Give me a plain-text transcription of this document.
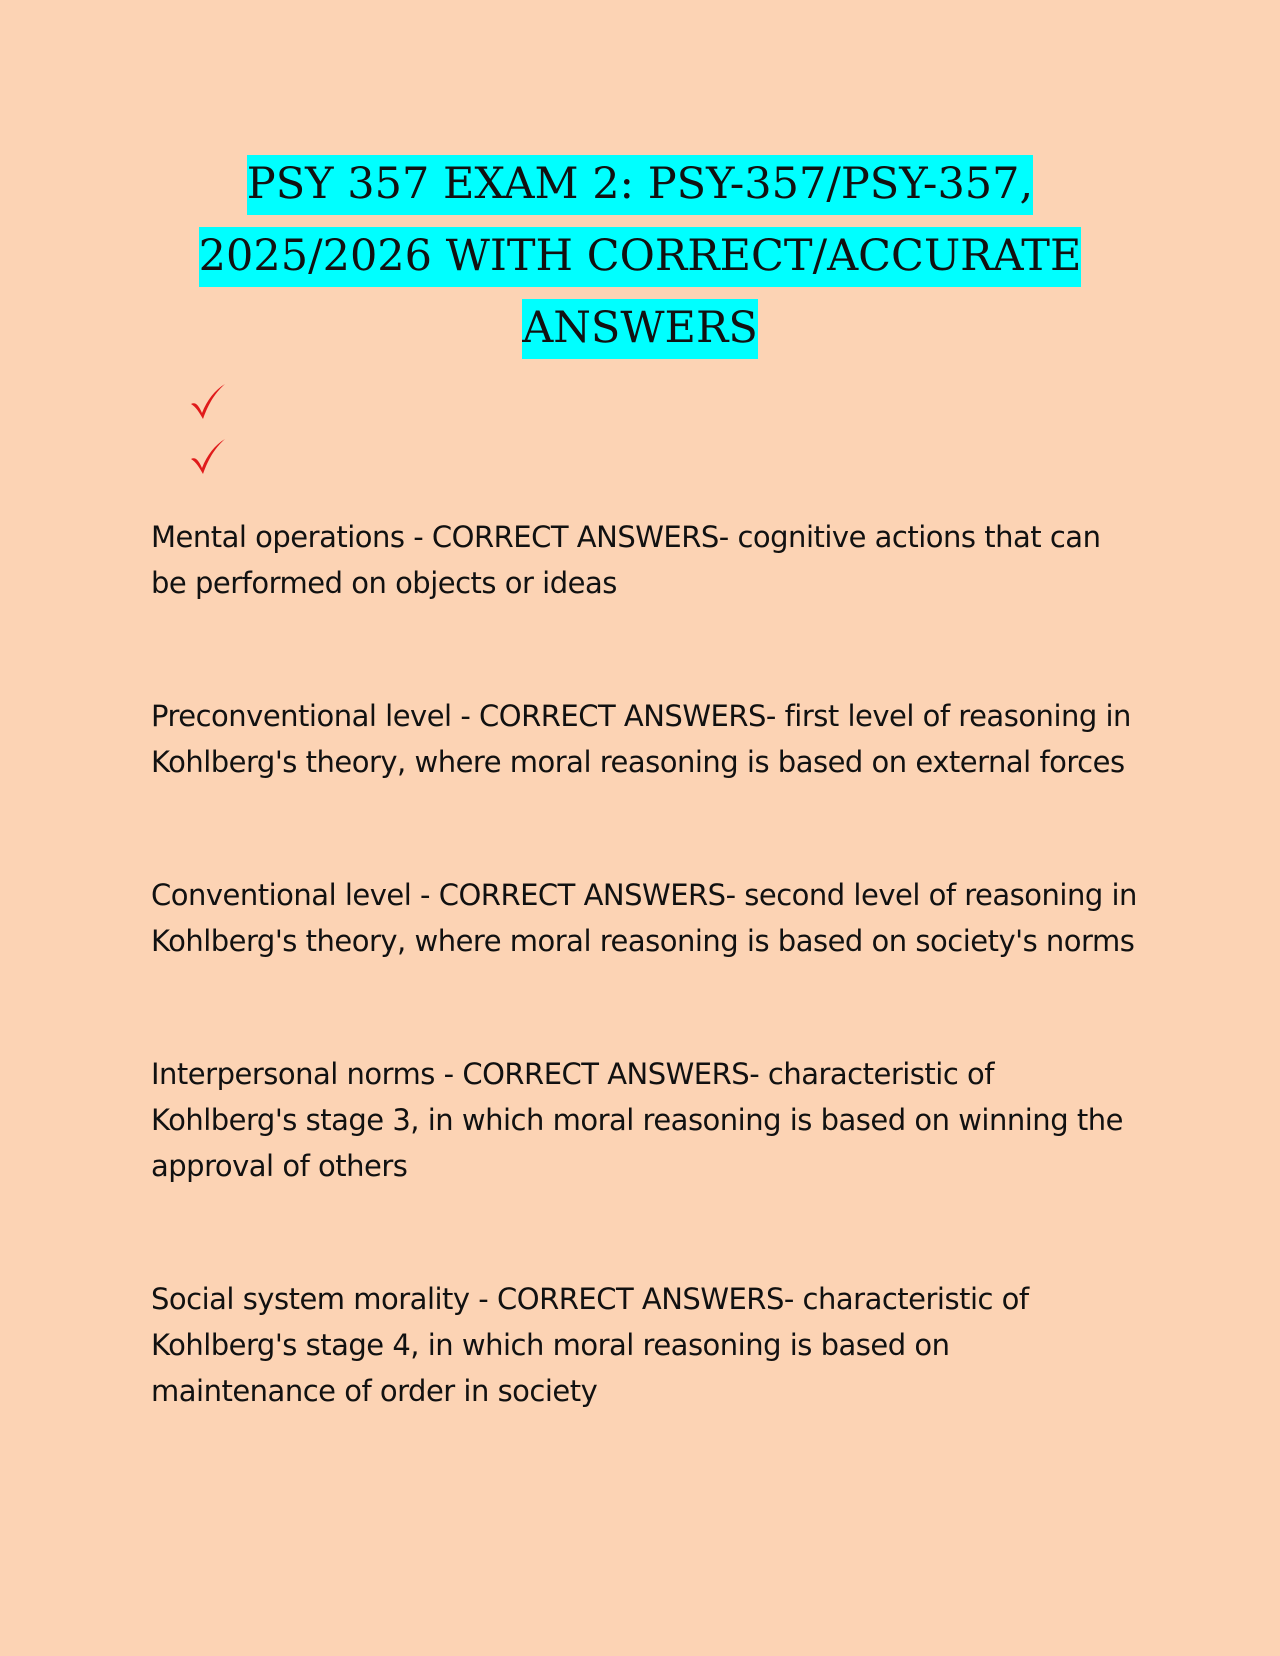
PSY 357 EXAM 2: PSY-357/PSY-357, 2025/2026 WITH CORRECT/ACCURATE ANSWERS

Mental operations - CORRECT ANSWERS- cognitive actions that can be performed on objects or ideas

Preconventional level - CORRECT ANSWERS- first level of reasoning in Kohlberg's theory, where moral reasoning is based on external forces

Conventional level - CORRECT ANSWERS- second level of reasoning in Kohlberg's theory, where moral reasoning is based on society's norms

Interpersonal norms - CORRECT ANSWERS- characteristic of Kohlberg's stage 3, in which moral reasoning is based on winning the approval of others

Social system morality - CORRECT ANSWERS- characteristic of Kohlberg's stage 4, in which moral reasoning is based on maintenance of order in society
